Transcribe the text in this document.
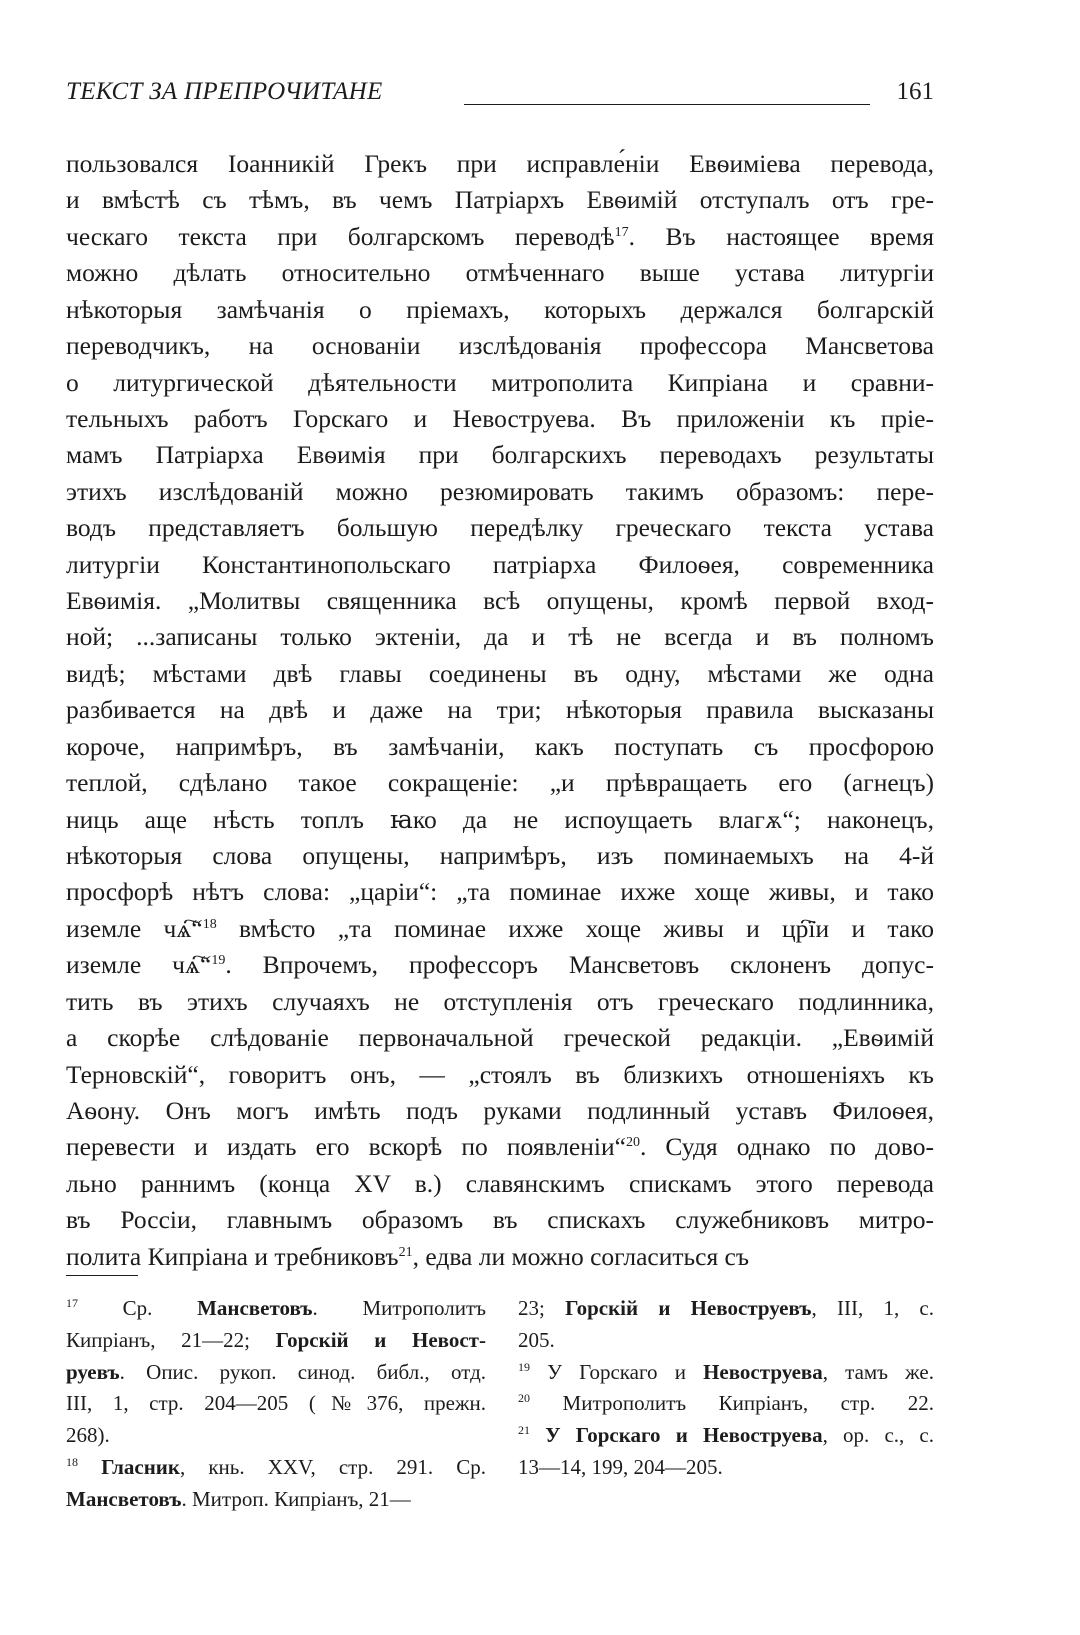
ТЕКСТ ЗА ПРЕПРОЧИТАНЕ	161
пользовался Іоанникій Грекъ при исправле́ніи Евѳиміева перевода,
и вмѣстѣ съ тѣмъ, въ чемъ Патріархъ Евѳимій отступалъ отъ гре-
ческаго текста при болгарскомъ переводѣ$^{17}$. Въ настоящее время
можно дѣлать относительно отмѣченнаго выше устава литургіи
нѣкоторыя замѣчанія о пріемахъ, которыхъ держался болгарскій
переводчикъ, на основаніи изслѣдованія профессора Мансветова
о литургической дѣятельности митрополита Кипріана и сравни-
тельныхъ работъ Горскаго и Невоструева. Въ приложеніи къ пріе-
мамъ Патріарха Евѳимія при болгарскихъ переводахъ результаты
этихъ изслѣдованій можно резюмировать такимъ образомъ: пере-
водъ представляетъ большую передѣлку греческаго текста устава
литургіи Константинопольскаго патріарха Филоѳея, современника
Евѳимія. „Молитвы священника всѣ опущены, кромѣ первой вход-
ной; ...записаны только эктеніи, да и тѣ не всегда и въ полномъ
видѣ; мѣстами двѣ главы соединены въ одну, мѣстами же одна
разбивается на двѣ и даже на три; нѣкоторыя правила высказаны
короче, напримѣръ, въ замѣчаніи, какъ поступать съ просфорою
теплой, сдѣлано такое сокращеніе: „и прѣвращаеть его (агнецъ)
ниць аще нѣсть топлъ ꙗко да не испоущаеть влагѫ“; наконецъ,
нѣкоторыя слова опущены, напримѣръ, изъ поминаемыхъ на 4-й
просфорѣ нѣтъ слова: „царіи“: „та поминае ихже хоще живы, и тако
иземле чѧ҇“$^{18}$ вмѣсто „та поминае ихже хоще живы и цр҇їи и тако
иземле чѧ҇“$^{19}$. Впрочемъ, профессоръ Мансветовъ склоненъ допус-
тить въ этихъ случаяхъ не отступленія отъ греческаго подлинника,
а скорѣе слѣдованіе первоначальной греческой редакціи. „Евѳимій
Терновскій“, говоритъ онъ, — „стоялъ въ близкихъ отношеніяхъ къ
Аѳону. Онъ могъ имѣть подъ руками подлинный уставъ Филоѳея,
перевести и издать его вскорѣ по появленіи“$^{20}$. Судя однако по дово-
льно раннимъ (конца XV в.) славянскимъ спискамъ этого перевода
въ Россіи, главнымъ образомъ въ спискахъ служебниковъ митро-
полита Кипріана и требниковъ$^{21}$, едва ли можно согласиться съ
$^{17}$ Ср. Мансветовъ. Митрополитъ
Кипріанъ, 21—22; Горскій и Невост-
руевъ. Опис. рукоп. синод. библ., отд.
III, 1, стр. 204—205 (№376, прежн.
268).
$^{18}$ Гласник, кнь. XXV, стр. 291. Ср.
Мансветовъ. Митроп. Кипріанъ, 21—
23; Горскій и Невоструевъ, III, 1, с.
205.
$^{19}$ У Горскаго и Невоструева, тамъ же.
$^{20}$ Митрополитъ Кипріанъ, стр. 22.
$^{21}$ У Горскаго и Невоструева, ор. с., с.
13—14, 199, 204—205.
